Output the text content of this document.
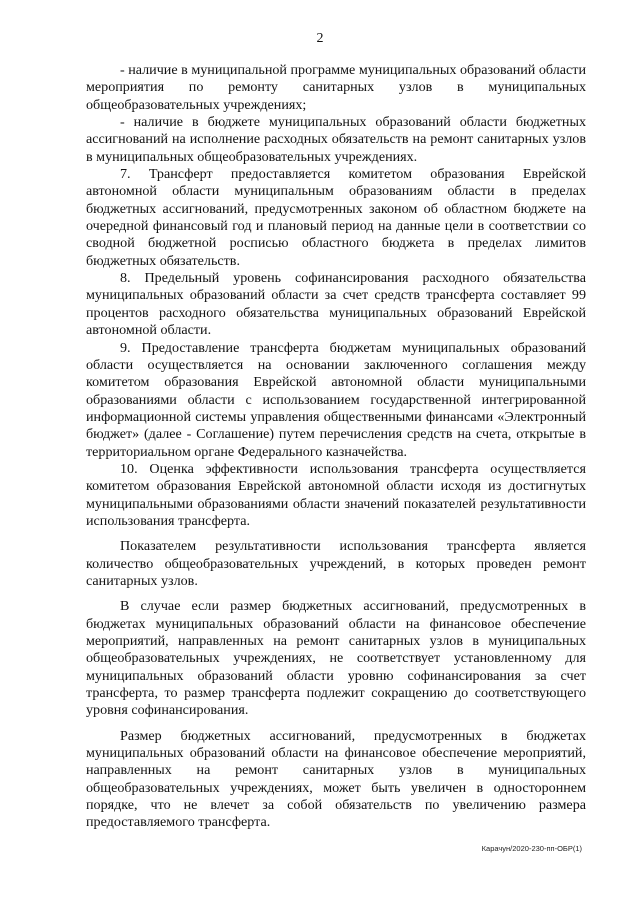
2

- наличие в муниципальной программе муниципальных образований области мероприятия по ремонту санитарных узлов в муниципальных общеобразовательных учреждениях;

- наличие в бюджете муниципальных образований области бюджетных ассигнований на исполнение расходных обязательств на ремонт санитарных узлов в муниципальных общеобразовательных учреждениях.

7. Трансферт предоставляется комитетом образования Еврейской автономной области муниципальным образованиям области в пределах бюджетных ассигнований, предусмотренных законом об областном бюджете на очередной финансовый год и плановый период на данные цели в соответствии со сводной бюджетной росписью областного бюджета в пределах лимитов бюджетных обязательств.

8. Предельный уровень софинансирования расходного обязательства муниципальных образований области за счет средств трансферта составляет 99 процентов расходного обязательства муниципальных образований Еврейской автономной области.

9. Предоставление трансферта бюджетам муниципальных образований области осуществляется на основании заключенного соглашения между комитетом образования Еврейской автономной области муниципальными образованиями области с использованием государственной интегрированной информационной системы управления общественными финансами «Электронный бюджет» (далее - Соглашение) путем перечисления средств на счета, открытые в территориальном органе Федерального казначейства.

10. Оценка эффективности использования трансферта осуществляется комитетом образования Еврейской автономной области исходя из достигнутых муниципальными образованиями области значений показателей результативности использования трансферта.

Показателем результативности использования трансферта является количество общеобразовательных учреждений, в которых проведен ремонт санитарных узлов.

В случае если размер бюджетных ассигнований, предусмотренных в бюджетах муниципальных образований области на финансовое обеспечение мероприятий, направленных на ремонт санитарных узлов в муниципальных общеобразовательных учреждениях, не соответствует установленному для муниципальных образований области уровню софинансирования за счет трансферта, то размер трансферта подлежит сокращению до соответствующего уровня софинансирования.

Размер бюджетных ассигнований, предусмотренных в бюджетах муниципальных образований области на финансовое обеспечение мероприятий, направленных на ремонт санитарных узлов в муниципальных общеобразовательных учреждениях, может быть увеличен в одностороннем порядке, что не влечет за собой обязательств по увеличению размера предоставляемого трансферта.

Карачун/2020-230-пп-ОБР(1)
